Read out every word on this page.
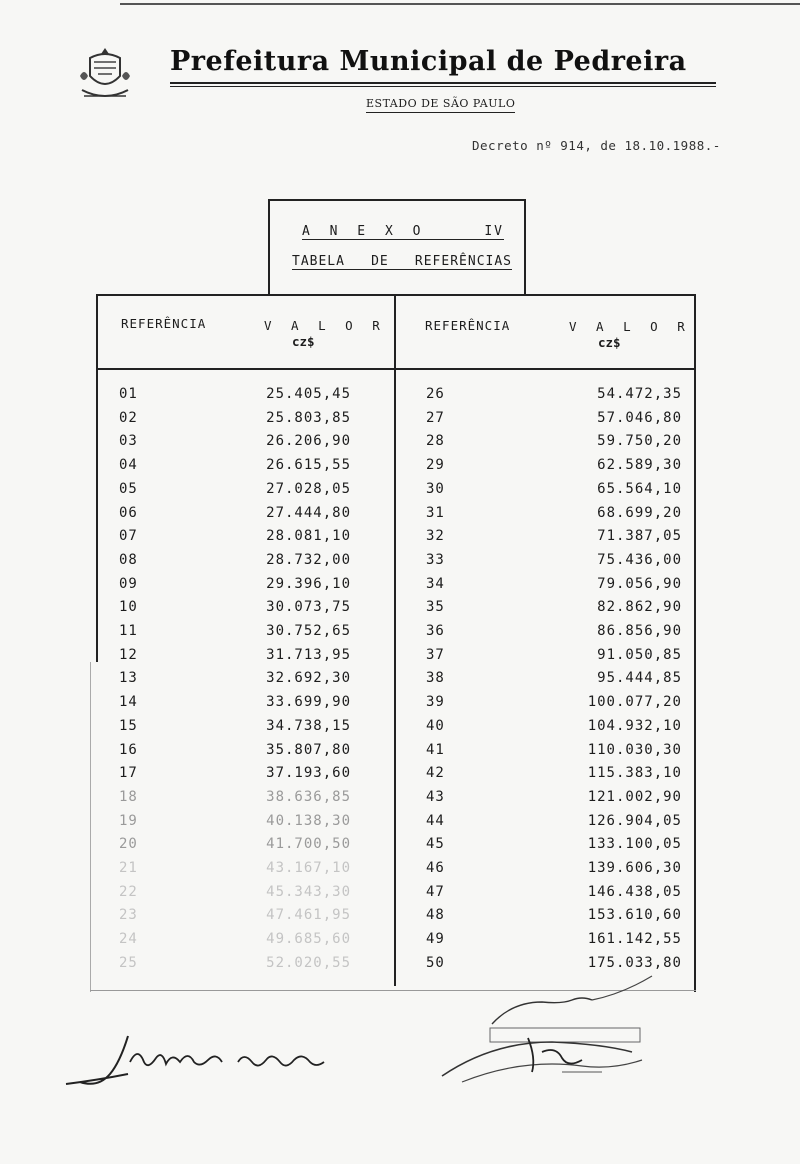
Prefeitura Municipal de Pedreira
ESTADO DE SÃO PAULO
Decreto nº 914, de 18.10.1988.-
A N E X O	IV
TABELA DE REFERÊNCIAS
REFERÊNCIA	V A L O R
cz$
REFERÊNCIA	V A L O R
cz$
01	25.405,45
02	25.803,85
03	26.206,90
04	26.615,55
05	27.028,05
06	27.444,80
07	28.081,10
08	28.732,00
09	29.396,10
10	30.073,75
11	30.752,65
12	31.713,95
13	32.692,30
14	33.699,90
15	34.738,15
16	35.807,80
17	37.193,60
18	38.636,85
19	40.138,30
20	41.700,50
21	43.167,10
22	45.343,30
23	47.461,95
24	49.685,60
25	52.020,55
26	54.472,35
27	57.046,80
28	59.750,20
29	62.589,30
30	65.564,10
31	68.699,20
32	71.387,05
33	75.436,00
34	79.056,90
35	82.862,90
36	86.856,90
37	91.050,85
38	95.444,85
39	100.077,20
40	104.932,10
41	110.030,30
42	115.383,10
43	121.002,90
44	126.904,05
45	133.100,05
46	139.606,30
47	146.438,05
48	153.610,60
49	161.142,55
50	175.033,80
